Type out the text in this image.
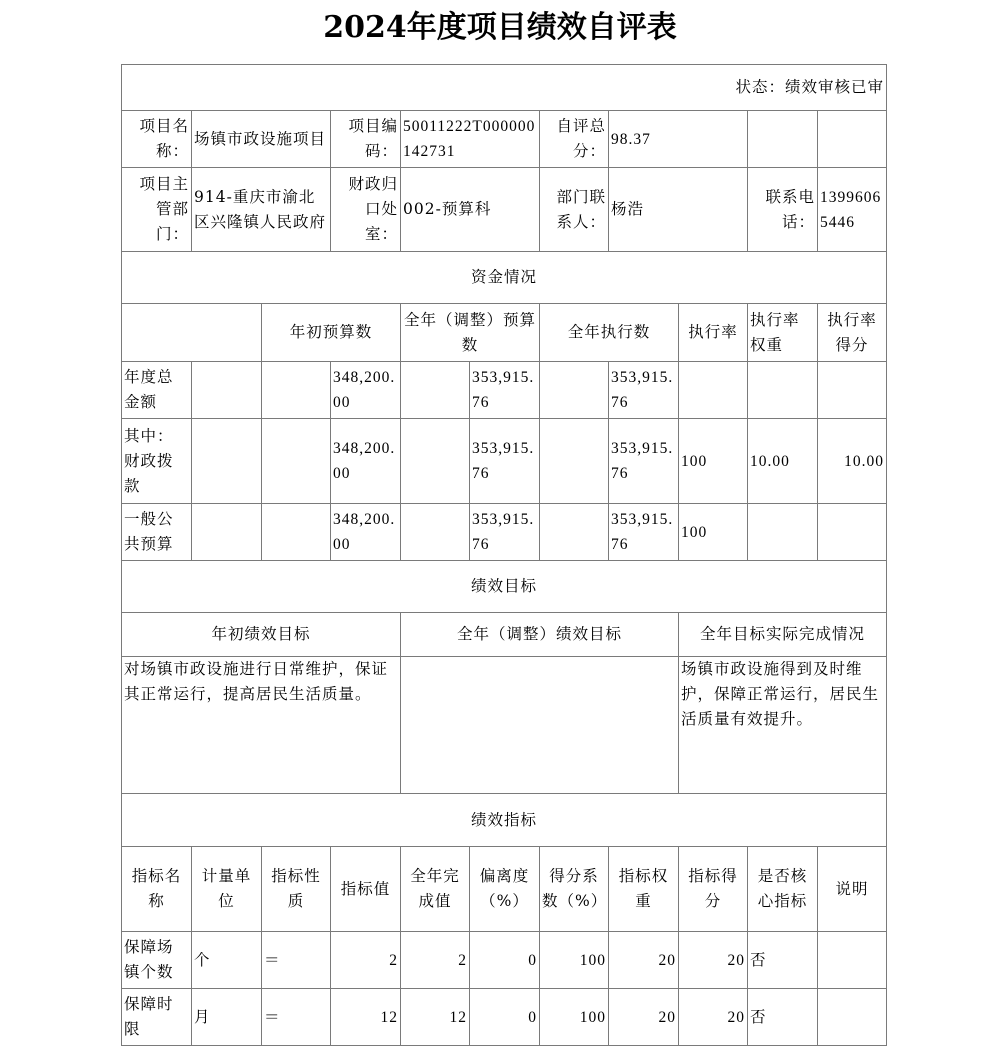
2024年度项目绩效自评表
状态：绩效审核已审										
项目名称：	场镇市政设施项目		项目编码：	50011222T000000142731		自评总分：	98.37			
项目主管部门：	914-重庆市渝北区兴隆镇人民政府		财政归口处室：	002-预算科		部门联系人：	杨浩		联系电话：	13996065446
资金情况										
		年初预算数		全年（调整）预算数		全年执行数		执行率	执行率权重	执行率得分
年度总金额			348,200.00		353,915.76		353,915.76			
其中：财政拨款			348,200.00		353,915.76		353,915.76	100	10.00	10.00
一般公共预算			348,200.00		353,915.76		353,915.76	100		
绩效目标										
年初绩效目标				全年（调整）绩效目标				全年目标实际完成情况		
对场镇市政设施进行日常维护，保证其正常运行，提高居民生活质量。								场镇市政设施得到及时维护，保障正常运行，居民生活质量有效提升。		
绩效指标										
指标名称	计量单位	指标性质	指标值	全年完成值	偏离度（%）	得分系数（%）	指标权重	指标得分	是否核心指标	说明
保障场镇个数	个	＝	2	2	0	100	20	20	否	
保障时限	月	＝	12	12	0	100	20	20	否	
